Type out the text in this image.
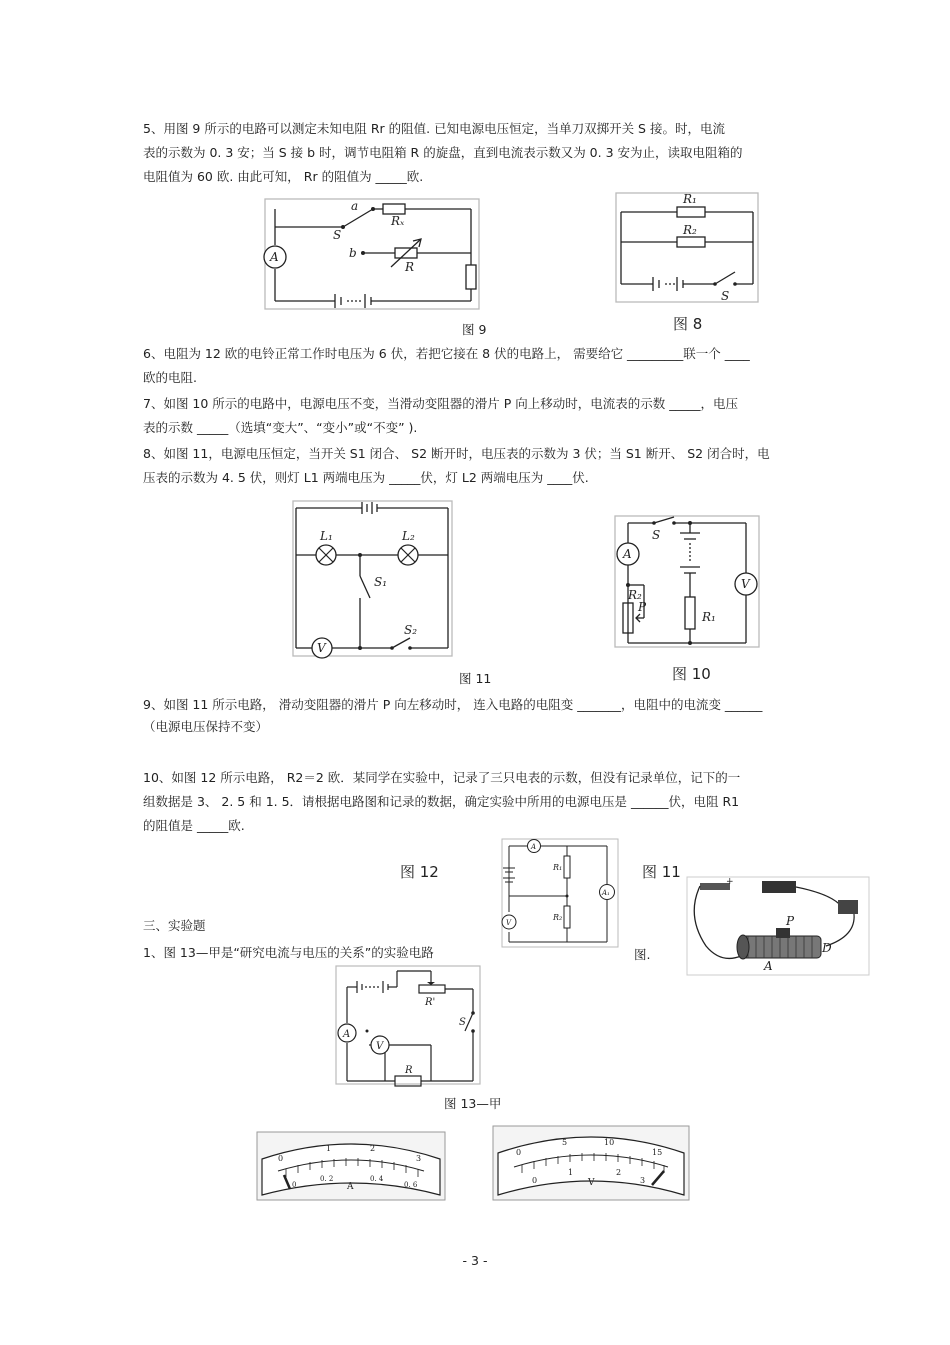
5、用图 9 所示的电路可以测定未知电阻 Rr 的阻值. 已知电源电压恒定，当单刀双掷开关 S 接。时，电流
表的示数为 0. 3 安；当 S 接 b 时，调节电阻箱 R 的旋盘，直到电流表示数又为 0. 3 安为止，读取电阻箱的
电阻值为 60 欧. 由此可知， Rr 的阻值为 _____欧.
A
a
b
S
Rₓ
R
图 9
R₁
R₂
S
图 8
6、电阻为 12 欧的电铃正常工作时电压为 6 伏，若把它接在 8 伏的电路上， 需要给它 _________联一个 ____
欧的电阻.
7、如图 10 所示的电路中，电源电压不变，当滑动变阻器的滑片 P 向上移动时，电流表的示数 _____，电压
表的示数 _____（选填“变大”、“变小”或“不变” ).
8、如图 11，电源电压恒定，当开关 S1 闭合、 S2 断开时，电压表的示数为 3 伏；当 S1 断开、 S2 闭合时，电
压表的示数为 4. 5 伏，则灯 L1 两端电压为 _____伏，灯 L2 两端电压为 ____伏.
L₁	L₂
S₁
S₂
V
图 11
A
V
S
R₁
R₂
P
图 10
9、如图 11 所示电路， 滑动变阻器的滑片 P 向左移动时， 连入电路的电阻变 _______，电阻中的电流变 ______
（电源电压保持不变）
10、如图 12 所示电路， R2＝2 欧．某同学在实验中，记录了三只电表的示数，但没有记录单位，记下的一
组数据是 3、 2. 5 和 1. 5．请根据电路图和记录的数据，确定实验中所用的电源电压是 ______伏，电阻 R1
的阻值是 _____欧.
图 12
A
A₁
V
R₁
R₂
图 11
+
P
A
D
三、实验题
1、图 13—甲是“研究电流与电压的关系”的实验电路	图.
A
V
R'
R
S
图 13—甲
0
1	2
3
0
0. 2	0. 4
0. 6
A
0
5	10
15
0
1	2
3
V
- 3 -
